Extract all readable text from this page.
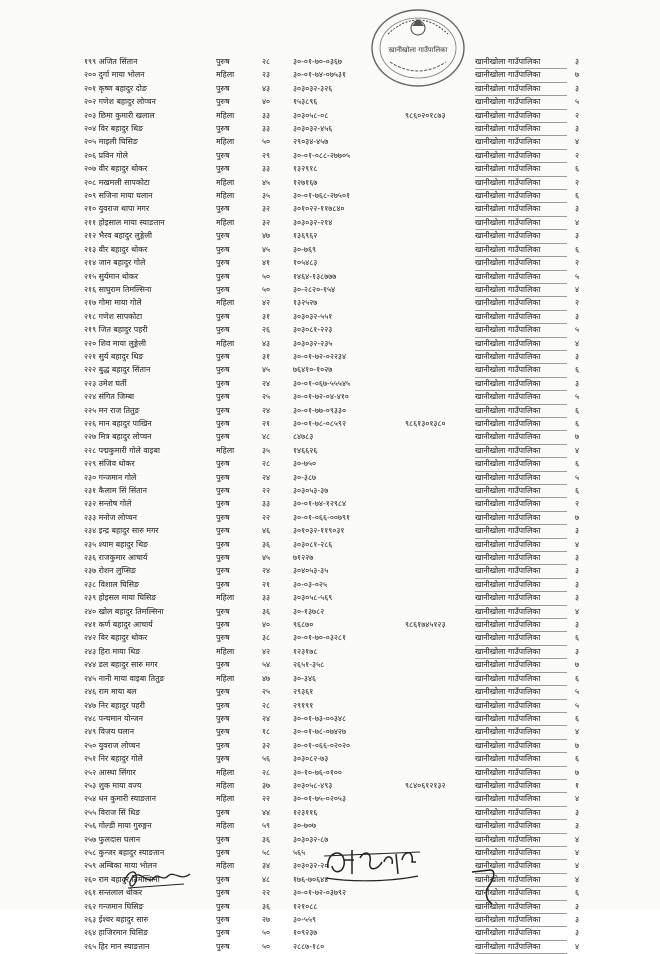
खानीखोला गाउँपालिका
१९९ अजित सिंतान	पुरुष	२८	३०-०१-७०-०३६७		खानीखोला गाउँपालिका	३
२०० दुर्गा माया भोलन	महिला	२३	३०-०१-७४-०७५३१		खानीखोला गाउँपालिका	७
२०१ कृष्ण बहादुर दोङ	पुरुष	४३	३०३०३२-३२६		खानीखोला गाउँपालिका	३
२०२ गणेश बहादुर लोप्चन	पुरुष	४०	१५३८९६		खानीखोला गाउँपालिका	५
२०३ छिमा कुमारी खलाल	महिला	३३	३०३०५८-०८	९८६०२०१८७३	खानीखोला गाउँपालिका	२
२०४ विर बहादुर थिङ	पुरुष	३३	३०३०३२-४५६		खानीखोला गाउँपालिका	३
२०५ माइली घिसिङ	महिला	५०	२९०३४-४५७		खानीखोला गाउँपालिका	४
२०६ प्रविन गोले	पुरुष	२९	३०-०१-०८८-२७७०५		खानीखोला गाउँपालिका	२
२०७ वीर बहादुर थोकर	पुरुष	३३	१३२९१८		खानीखोला गाउँपालिका	६
२०८ मखमली सापकोटा	महिला	४५	१२७१६७		खानीखोला गाउँपालिका	२
२०९ सजिना माया घलान	महिला	३५	३०-०१-७६८-२७५०१		खानीखोला गाउँपालिका	६
२१० युवराज थापा मगर	पुरुष	३२	३०१०२२-११७८४०		खानीखोला गाउँपालिका	३
२११ होइसाल माया स्याङतान	महिला	३२	३०३०३२-२१४		खानीखोला गाउँपालिका	४
२१२ भैरव बहादुर लुङ्गेली	पुरुष	४७	१३६९६२		खानीखोला गाउँपालिका	३
२१३ वीर बहादुर थोकर	पुरुष	४५	३०-७६९		खानीखोला गाउँपालिका	६
२१४ जान बहादुर गोले	पुरुष	४१	१०५४८३		खानीखोला गाउँपालिका	२
२१५ सुर्यमान थोकर	पुरुष	५०	१४६४-१३८७७७		खानीखोला गाउँपालिका	५
२१६ साघुराम तिमल्सिना	पुरुष	५०	३०-२८२०-१५४		खानीखोला गाउँपालिका	४
२१७ गोमा माया गोले	महिला	४२	१३२५२७		खानीखोला गाउँपालिका	२
२१८ गणेश सापकोटा	पुरुष	३१	३०३०३२-५५१		खानीखोला गाउँपालिका	३
२१९ जित बहादुर पहरी	पुरुष	२६	३०३०८१-२२३		खानीखोला गाउँपालिका	५
२२० शिव माया लुङ्गेली	महिला	४३	३०३०३२-२३५		खानीखोला गाउँपालिका	४
२२१ सुर्य बहादुर थिङ	पुरुष	३१	३०-०१-७२-०२२३४		खानीखोला गाउँपालिका	३
२२२ बुद्ध बहादुर सिंतान	पुरुष	४५	७६४१०-१०२७		खानीखोला गाउँपालिका	६
२२३ उमेश घर्ती	पुरुष	२४	३०-०१-०६७-५५५४५		खानीखोला गाउँपालिका	३
२२४ संगित जिम्बा	पुरुष	२५	३०-०१-७२-०४-४१०		खानीखोला गाउँपालिका	५
२२५ मन राज तितुङ	पुरुष	२४	३०-०१-७७-०९३३०		खानीखोला गाउँपालिका	६
२२६ मान बहादुर पाखिन	पुरुष	२१	३०-०१-७८-०८५९२	९८६१३०१३८०	खानीखोला गाउँपालिका	६
२२७ मित्र बहादुर लोप्चन	पुरुष	४८	८४७८३		खानीखोला गाउँपालिका	७
२२८ पद्मकुमारी गोले वाइबा	महिला	३५	१४६६२६		खानीखोला गाउँपालिका	४
२२९ संजिव थोकर	पुरुष	२८	३०-७५०		खानीखोला गाउँपालिका	६
२३० गन्जमान गोले	पुरुष	२४	३०-३८७		खानीखोला गाउँपालिका	५
२३१ कैलाम सिं सिंतान	पुरुष	२२	३०३०५३-३७		खानीखोला गाउँपालिका	६
२३२ सन्तोष गोले	पुरुष	३३	३०-०१-७४-१२९८४		खानीखोला गाउँपालिका	२
२३३ मनोज लोप्चन	पुरुष	२२	३०-०१-०६६-००७९१		खानीखोला गाउँपालिका	७
२३४ इन्द्र बहादुर सारु मगर	पुरुष	४६	३०१०३२-११९०३१		खानीखोला गाउँपालिका	३
२३५ श्याम बहादुर थिङ	पुरुष	३६	३०३०८१-२८६		खानीखोला गाउँपालिका	४
२३६ राजकुमार आचार्य	पुरुष	४५	७१२२७		खानीखोला गाउँपालिका	३
२३७ रोशन लुप्सिङ	पुरुष	२४	३०४०५३-३५		खानीखोला गाउँपालिका	३
२३८ विशाल घिसिङ	पुरुष	२१	३०-०३-०२५		खानीखोला गाउँपालिका	३
२३९ होइसल माया घिसिङ	महिला	३३	३०३०५८-५६९		खानीखोला गाउँपालिका	३
२४० खोल बहादुर तिमल्सिना	पुरुष	३६	३०-१३७८२		खानीखोला गाउँपालिका	४
२४१ कर्ण बहादुर आचार्य	पुरुष	४०	९६८७०	९८६१७४५१२३	खानीखोला गाउँपालिका	३
२४२ विर बहादुर थोकर	पुरुष	३८	३०-०१-७०-०३२८१		खानीखोला गाउँपालिका	६
२४३ हिरा माया थिङ	महिला	४२	१२३१७८		खानीखोला गाउँपालिका	३
२४४ डल बहादुर सारु मगर	पुरुष	५४	२६५१-३५८		खानीखोला गाउँपालिका	७
२४५ नानी माया वाइबा तितुङ	महिला	४७	३०-३४६		खानीखोला गाउँपालिका	६
२४६ राम माया बल	पुरुष	२५	२९३६१		खानीखोला गाउँपालिका	५
२४७ निर बहादुर पहरी	पुरुष	२८	२९१९१		खानीखोला गाउँपालिका	५
२४८ पन्चमान योन्जन	पुरुष	२४	३०-०१-७३-००३४८		खानीखोला गाउँपालिका	६
२४९ विजय घलान	पुरुष	१८	३०-०१-७८-०७४२७		खानीखोला गाउँपालिका	४
२५० युवराज लोप्चन	पुरुष	३२	३०-०१-०६६-०२०२०		खानीखोला गाउँपालिका	७
२५१ निर बहादुर गोले	पुरुष	५६	३०३०८२-७३		खानीखोला गाउँपालिका	६
२५२ आस्था सिंगार	महिला	२८	३०-१०-७६-०१००		खानीखोला गाउँपालिका	७
२५३ शुक माया वज्य	महिला	३७	३०३०५८-४९३	९८४०६१२१३२	खानीखोला गाउँपालिका	१
२५४ धन कुमारी स्याङतान	महिला	२२	३०-०१-७५-०२०५३		खानीखोला गाउँपालिका	४
२५५ विराज सिं थिङ	पुरुष	४४	१२३११६		खानीखोला गाउँपालिका	३
२५६ गोल्डी माया गुरुङ्गन	महिला	५९	३०-७०७		खानीखोला गाउँपालिका	३
२५७ फुलदास घलान	पुरुष	३६	३०३०३२-८७		खानीखोला गाउँपालिका	४
२५८ कुन्जर बहादुर स्याङतान	पुरुष	५८	५६५		खानीखोला गाउँपालिका	४
२५९ अम्बिका माया भोलन	महिला	३४	३०३०३२-२०		खानीखोला गाउँपालिका	४
२६० राम बहादुर तिमल्सिना	पुरुष	४८	१७६-७०६४४		खानीखोला गाउँपालिका	४
२६१ सन्तलाल थोकर	पुरुष	२२	३०-०१-७२-०३७९२		खानीखोला गाउँपालिका	६
२६२ गन्जमान घिसिङ	पुरुष	३६	१२१०८८		खानीखोला गाउँपालिका	३
२६३ ईश्वर बहादुर सारु	पुरुष	२७	३०-५५९		खानीखोला गाउँपालिका	३
२६४ हाजिरमान घिसिङ	पुरुष	५०	१०९२३७		खानीखोला गाउँपालिका	३
२६५ हिर मान स्याङतान	पुरुष	५०	२८८७-१८०		खानीखोला गाउँपालिका	४
